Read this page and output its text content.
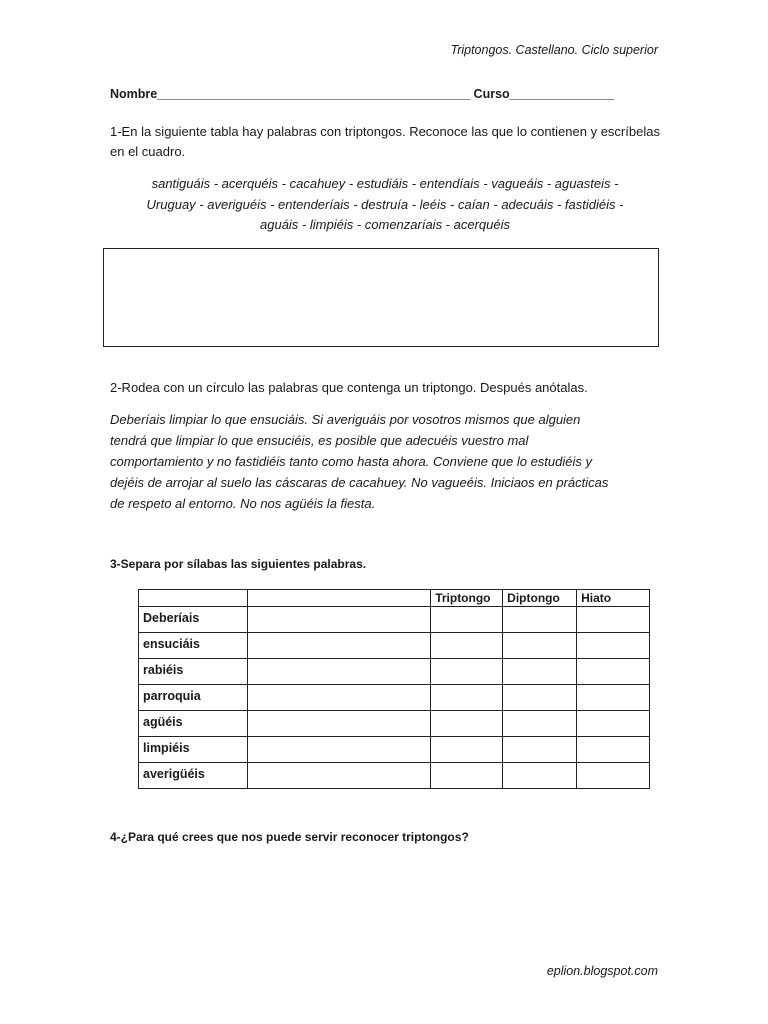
Triptongos. Castellano. Ciclo superior
Nombre_____________________________________________ Curso_______________
1-En la siguiente tabla hay palabras con triptongos. Reconoce las que lo contienen y escríbelas en el cuadro.
santiguáis - acerquéis - cacahuey - estudiáis - entendíais - vagueáis - aguasteis -
Uruguay - averiguéis - entenderíais - destruía - leéis - caían - adecuáis - fastidiéis -
aguáis - limpiéis - comenzaríais - acerquéis
2-Rodea con un círculo las palabras que contenga un triptongo. Después anótalas.
Deberíais limpiar lo que ensuciáis. Si averiguáis por vosotros mismos que alguien
tendrá que limpiar lo que ensuciéis, es posible que adecuéis vuestro mal
comportamiento y no fastidiéis tanto como hasta ahora. Conviene que lo estudiéis y
dejéis de arrojar al suelo las cáscaras de cacahuey. No vagueéis. Iniciaos en prácticas
de respeto al entorno. No nos agüéis la fiesta.
3-Separa por sílabas las siguientes palabras.
		Triptongo	Diptongo	Hiato
Deberíais				
ensuciáis				
rabiéis				
parroquia				
agüéis				
limpiéis				
averigüéis				
4-¿Para qué crees que nos puede servir reconocer triptongos?
eplion.blogspot.com
